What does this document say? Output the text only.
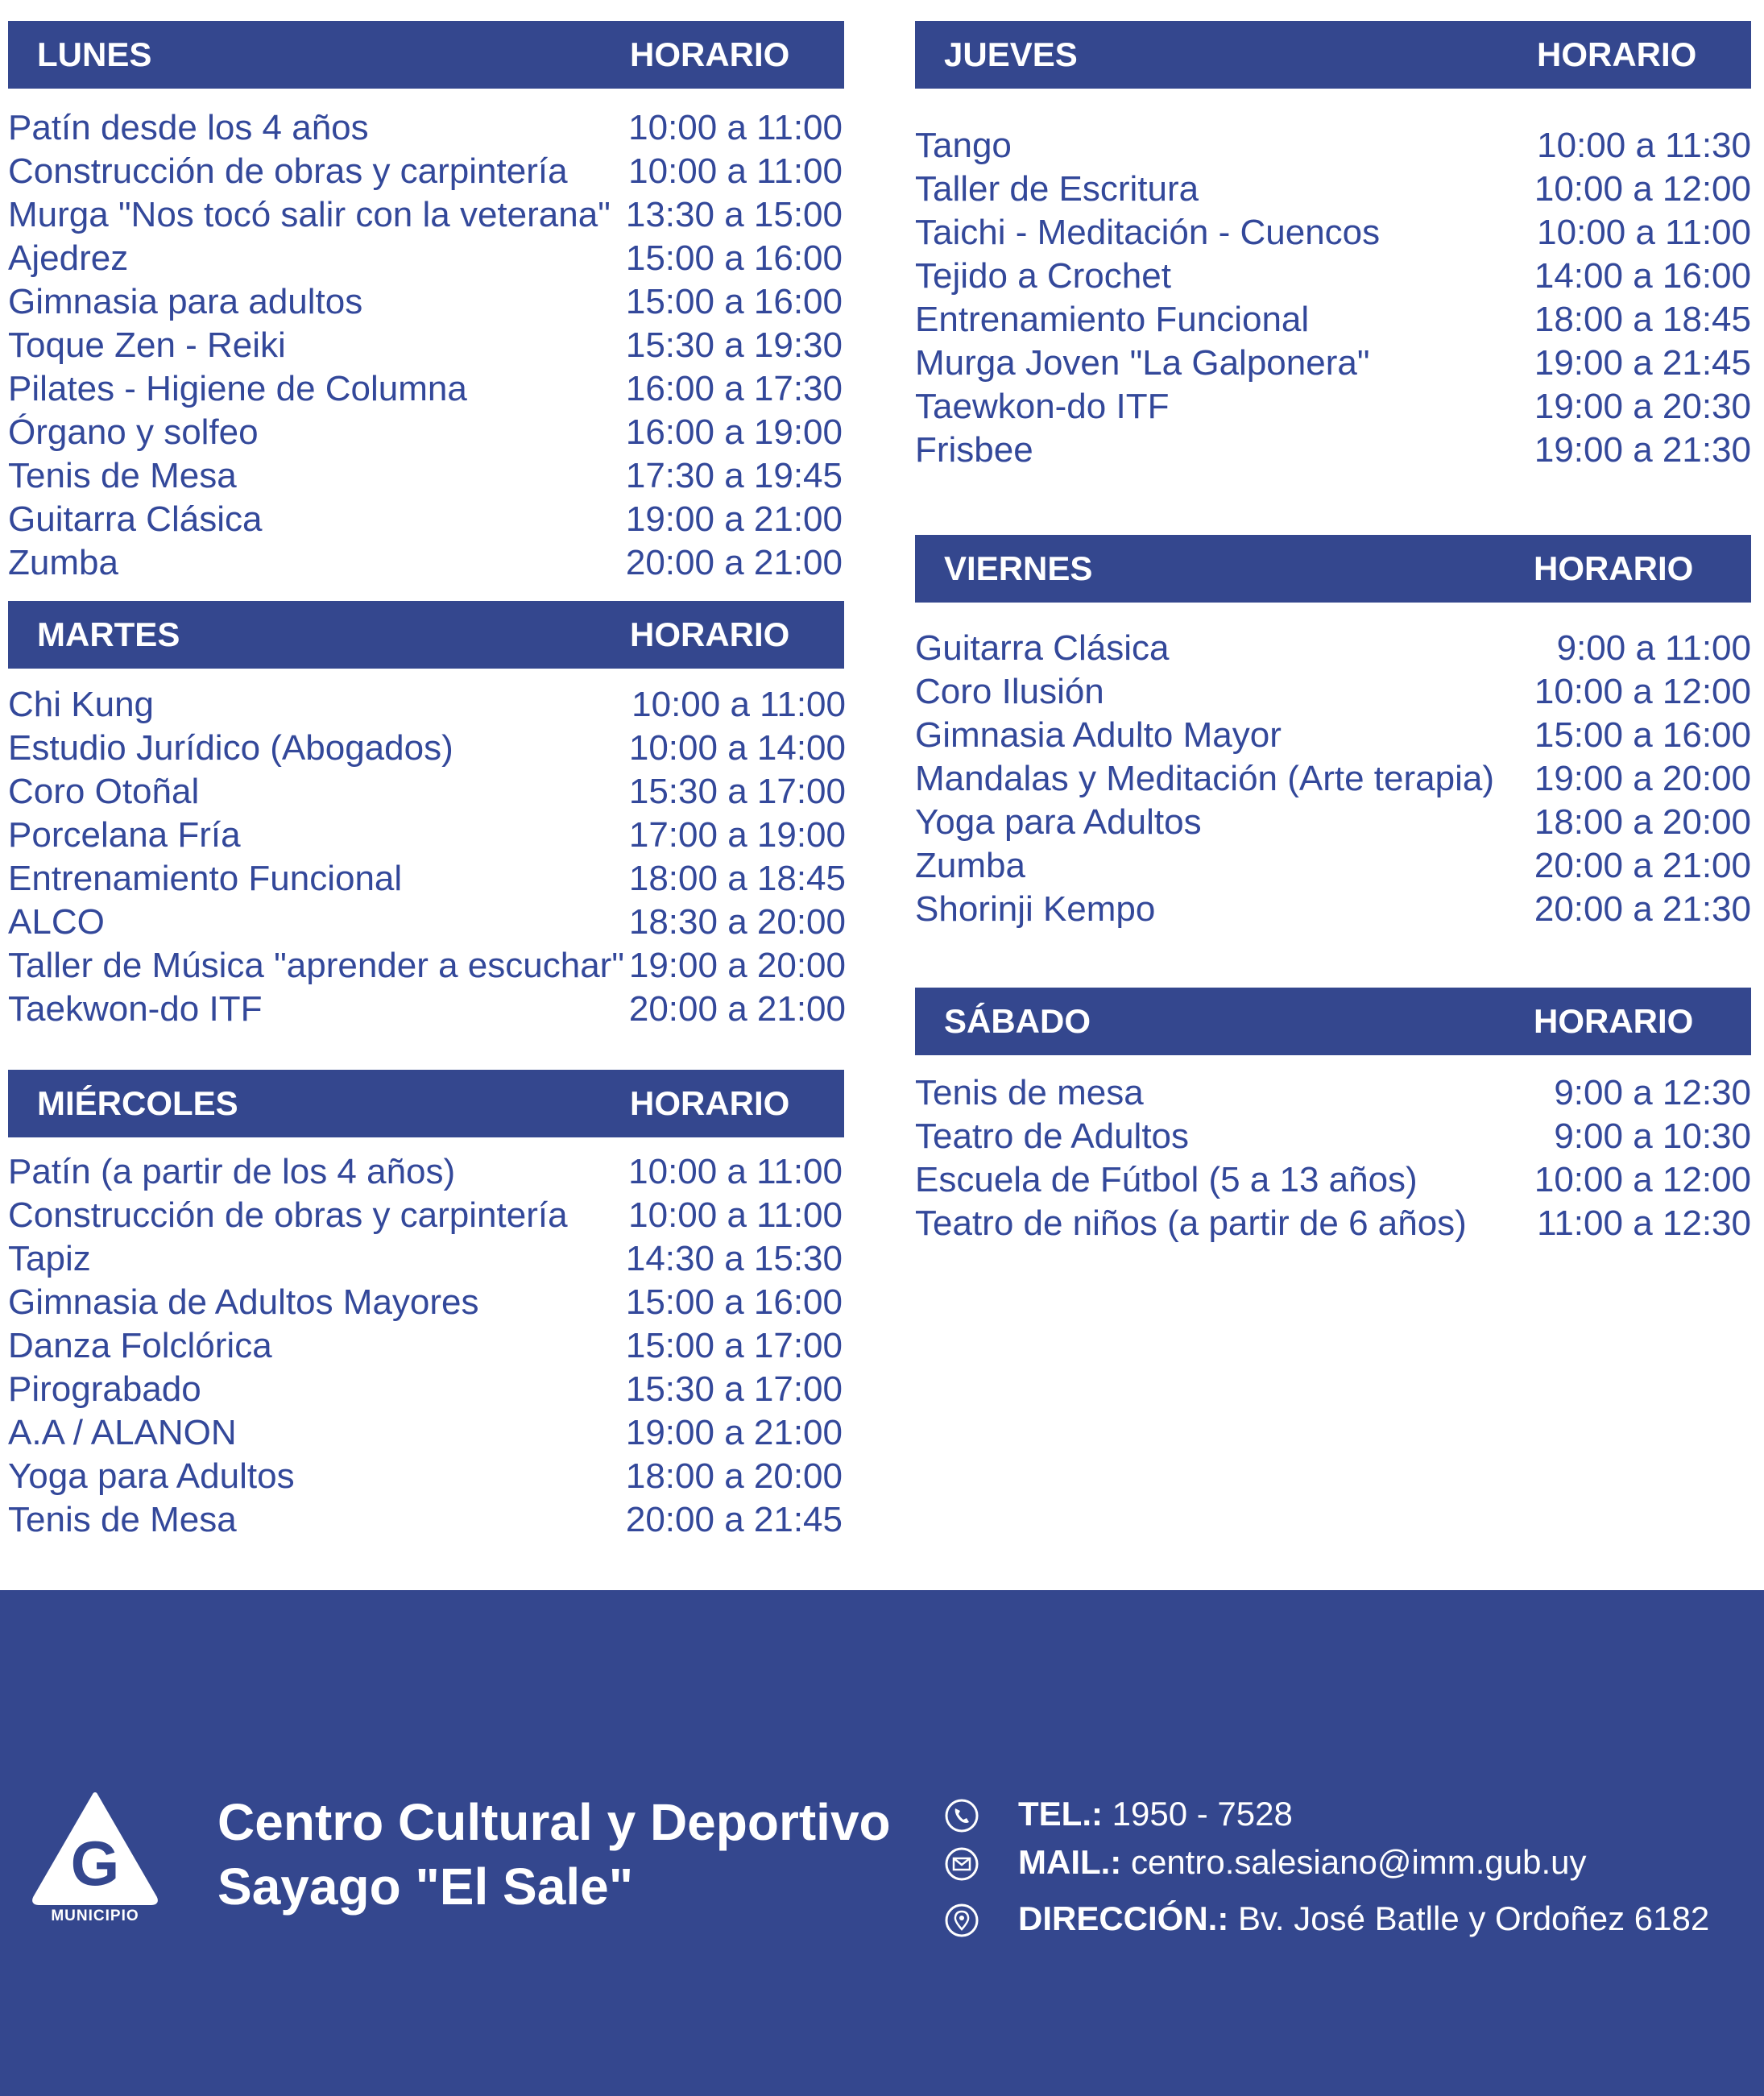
LUNES	HORARIO
Patín desde los 4 años	10:00 a 11:00
Construcción de obras y carpintería 10:00 a 11:00
Murga "Nos tocó salir con la veterana" 13:30 a 15:00
Ajedrez	15:00 a 16:00
Gimnasia para adultos	15:00 a 16:00
Toque Zen - Reiki	15:30 a 19:30
Pilates - Higiene de Columna	16:00 a 17:30
Órgano y solfeo	16:00 a 19:00
Tenis de Mesa	17:30 a 19:45
Guitarra Clásica	19:00 a 21:00
Zumba	20:00 a 21:00
MARTES	HORARIO
Chi Kung	10:00 a 11:00
Estudio Jurídico (Abogados)	10:00 a 14:00
Coro Otoñal	15:30 a 17:00
Porcelana Fría	17:00 a 19:00
Entrenamiento Funcional	18:00 a 18:45
ALCO	18:30 a 20:00
Taller de Música "aprender a escuchar" 19:00 a 20:00
Taekwon-do ITF	20:00 a 21:00
MIÉRCOLES	HORARIO
Patín (a partir de los 4 años)	10:00 a 11:00
Construcción de obras y carpintería 10:00 a 11:00
Tapiz	14:30 a 15:30
Gimnasia de Adultos Mayores	15:00 a 16:00
Danza Folclórica	15:00 a 17:00
Pirograbado	15:30 a 17:00
A.A / ALANON	19:00 a 21:00
Yoga para Adultos	18:00 a 20:00
Tenis de Mesa	20:00 a 21:45
JUEVES	HORARIO
Tango	10:00 a 11:30
Taller de Escritura	10:00 a 12:00
Taichi - Meditación - Cuencos	10:00 a 11:00
Tejido a Crochet	14:00 a 16:00
Entrenamiento Funcional	18:00 a 18:45
Murga Joven "La Galponera"	19:00 a 21:45
Taewkon-do ITF	19:00 a 20:30
Frisbee	19:00 a 21:30
VIERNES	HORARIO
Guitarra Clásica	9:00 a 11:00
Coro Ilusión	10:00 a 12:00
Gimnasia Adulto Mayor	15:00 a 16:00
Mandalas y Meditación (Arte terapia) 19:00 a 20:00
Yoga para Adultos	18:00 a 20:00
Zumba	20:00 a 21:00
Shorinji Kempo	20:00 a 21:30
SÁBADO	HORARIO
Tenis de mesa	9:00 a 12:30
Teatro de Adultos	9:00 a 10:30
Escuela de Fútbol (5 a 13 años)	10:00 a 12:00
Teatro de niños (a partir de 6 años) 11:00 a 12:30
G
MUNICIPIO
Centro Cultural y Deportivo
Sayago "El Sale"
TEL.: 1950 - 7528
MAIL.: centro.salesiano@imm.gub.uy
DIRECCIÓN.: Bv. José Batlle y Ordoñez 6182
